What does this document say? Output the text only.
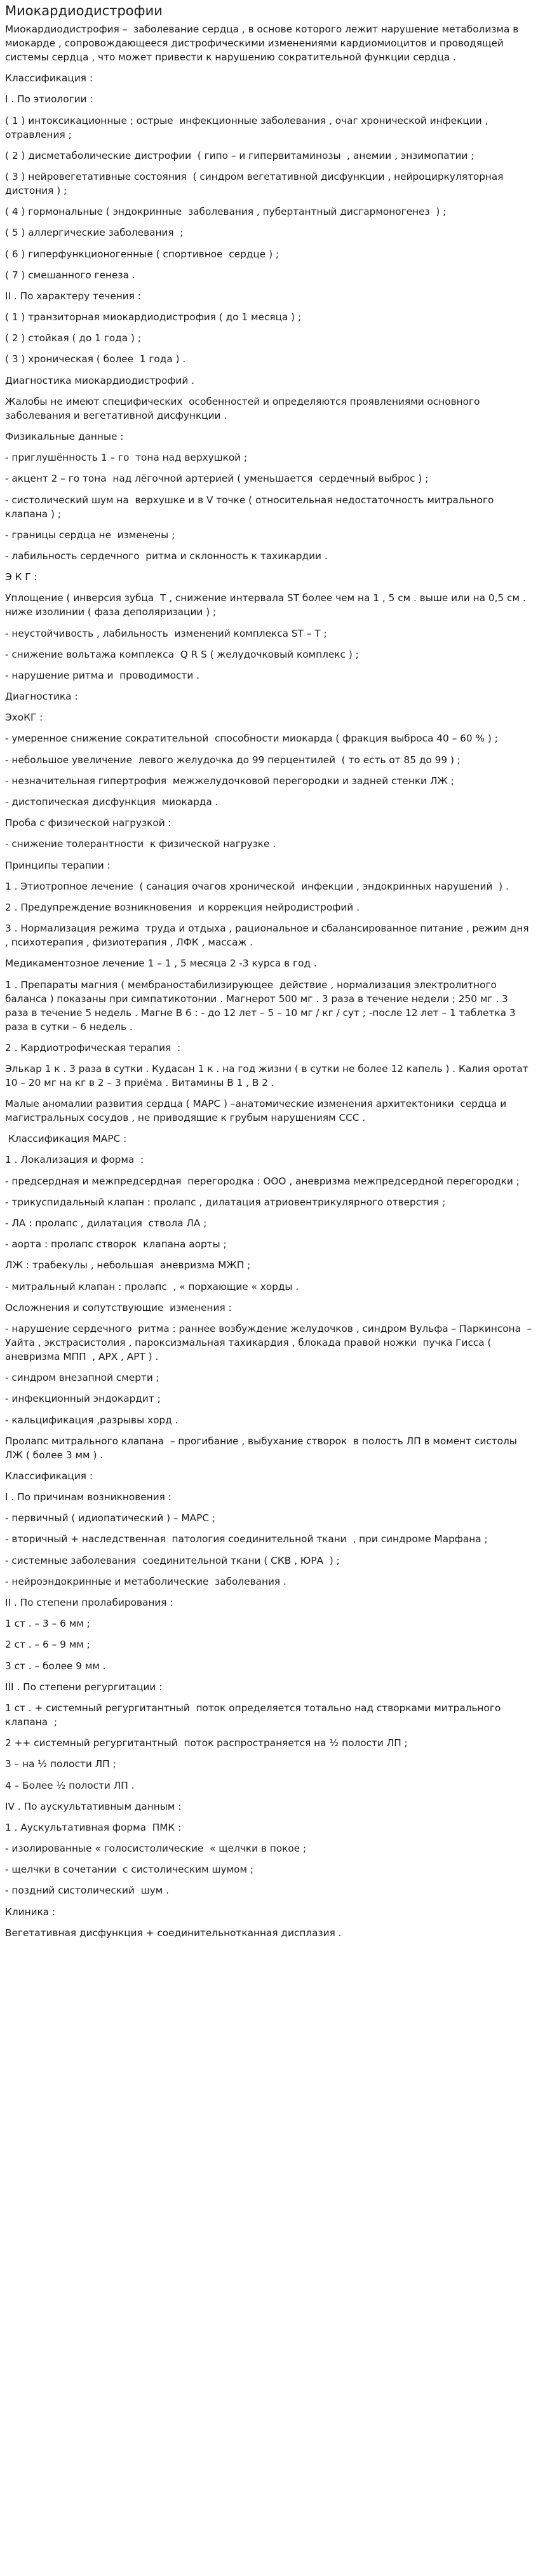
Миокардиодистрофии

Миокардиодистрофия –  заболевание сердца , в основе которого лежит нарушение метаболизма в миокарде , сопровождающееся дистрофическими изменениями кардиомиоцитов и проводящей системы сердца , что может привести к нарушению сократительной функции сердца .

Классификация :

I . По этиологии :

( 1 ) интоксикационные ; острые  инфекционные заболевания , очаг хронической инфекции , отравления ;

( 2 ) дисметаболические дистрофии  ( гипо – и гипервитаминозы  , анемии , энзимопатии ;

( 3 ) нейровегетативные состояния  ( синдром вегетативной дисфункции , нейроциркуляторная дистония ) ;

( 4 ) гормональные ( эндокринные  заболевания , пубертантный дисгармоногенез  ) ;

( 5 ) аллергические заболевания  ;

( 6 ) гиперфункционогенные ( спортивное  сердце ) ;

( 7 ) смешанного генеза .

II . По характеру течения :

( 1 ) транзиторная миокардиодистрофия ( до 1 месяца ) ;

( 2 ) стойкая ( до 1 года ) ;

( 3 ) хроническая ( более  1 года ) .

Диагностика миокардиодистрофий .

Жалобы не имеют специфических  особенностей и определяются проявлениями основного заболевания и вегетативной дисфункции .

Физикальные данные :

- приглушённость 1 – го  тона над верхушкой ;

- акцент 2 – го тона  над лёгочной артерией ( уменьшается  сердечный выброс ) ;

- систолический шум на  верхушке и в V точке ( относительная недостаточность митрального клапана ) ;

- границы сердца не  изменены ;

- лабильность сердечного  ритма и склонность к тахикардии .

Э К Г :

Уплощение ( инверсия зубца  Т , снижение интервала ST более чем на 1 , 5 см . выше или на 0,5 см . ниже изолинии ( фаза деполяризации ) ;

- неустойчивость , лабильность  изменений комплекса ST – T ;

- снижение вольтажа комплекса  Q R S ( желудочковый комплекс ) ;

- нарушение ритма и  проводимости .

Диагностика :

ЭхоКГ :

- умеренное снижение сократительной  способности миокарда ( фракция выброса 40 – 60 % ) ;

- небольшое увеличение  левого желудочка до 99 перцентилей  ( то есть от 85 до 99 ) ;

- незначительная гипертрофия  межжелудочковой перегородки и задней стенки ЛЖ ;

- дистопическая дисфункция  миокарда .

Проба с физической нагрузкой :

- снижение толерантности  к физической нагрузке .

Принципы терапии :

1 . Этиотропное лечение  ( санация очагов хронической  инфекции , эндокринных нарушений  ) .

2 . Предупреждение возникновения  и коррекция нейродистрофий .

3 . Нормализация режима  труда и отдыха , рациональное и сбалансированное питание , режим дня , психотерапия , физиотерапия , ЛФК , массаж .

Медикаментозное лечение 1 – 1 , 5 месяца 2 -3 курса в год .

1 . Препараты магния ( мембраностабилизирующее  действие , нормализация электролитного  баланса ) показаны при симпатикотонии . Магнерот 500 мг . 3 раза в течение недели ; 250 мг . 3 раза в течение 5 недель . Магне В 6 : - до 12 лет – 5 – 10 мг / кг / сут ; -после 12 лет – 1 таблетка 3 раза в сутки – 6 недель .

2 . Кардиотрофическая терапия  :

Элькар 1 к . 3 раза в сутки . Кудасан 1 к . на год жизни ( в сутки не более 12 капель ) . Калия оротат 10 – 20 мг на кг в 2 – 3 приёма . Витамины В 1 , В 2 .

Малые аномалии развития сердца ( МАРС ) –анатомические изменения архитектоники  сердца и магистральных сосудов , не приводящие к грубым нарушениям ССС .

Классификация МАРС :

1 . Локализация и форма  :

- предсердная и межпредсердная  перегородка : ООО , аневризма межпредсердной перегородки ;

- трикуспидальный клапан : пролапс , дилатация атриовентрикулярного отверстия ;

- ЛА : пролапс , дилатация  ствола ЛА ;

- аорта : пролапс створок  клапана аорты ;

ЛЖ : трабекулы , небольшая  аневризма МЖП ;

- митральный клапан : пролапс  , « порхающие « хорды .

Осложнения и сопутствующие  изменения :

- нарушение сердечного  ритма : раннее возбуждение желудочков , синдром Вульфа – Паркинсона  – Уайта , экстрасистолия , пароксизмальная тахикардия , блокада правой ножки  пучка Гисса ( аневризма МПП  , АРХ , АРТ ) .

- синдром внезапной смерти ;

- инфекционный эндокардит ;

- кальцификация ,разрывы хорд .

Пролапс митрального клапана  – прогибание , выбухание створок  в полость ЛП в момент систолы  ЛЖ ( более 3 мм ) .

Классификация :

I . По причинам возникновения :

- первичный ( идиопатический ) – МАРС ;

- вторичный + наследственная  патология соединительной ткани  , при синдроме Марфана ;

- системные заболевания  соединительной ткани ( СКВ , ЮРА  ) ;

- нейроэндокринные и метаболические  заболевания .

II . По степени пролабирования :

1 ст . – 3 – 6 мм ;

2 ст . – 6 – 9 мм ;

3 ст . – более 9 мм .

III . По степени регургитации :

1 ст . + системный регургитантный  поток определяется тотально над створками митрального клапана  ;

2 ++ системный регургитантный  поток распространяется на ½ полости ЛП ;

3 – на ½ полости ЛП ;

4 – Более ½ полости ЛП .

IV . По аускультативным данным :

1 . Аускультативная форма  ПМК :

- изолированные « голосистолические  « щелчки в покое ;

- щелчки в сочетании  с систолическим шумом ;

- поздний систолический  шум .

Клиника :

Вегетативная дисфункция + соединительнотканная дисплазия .
